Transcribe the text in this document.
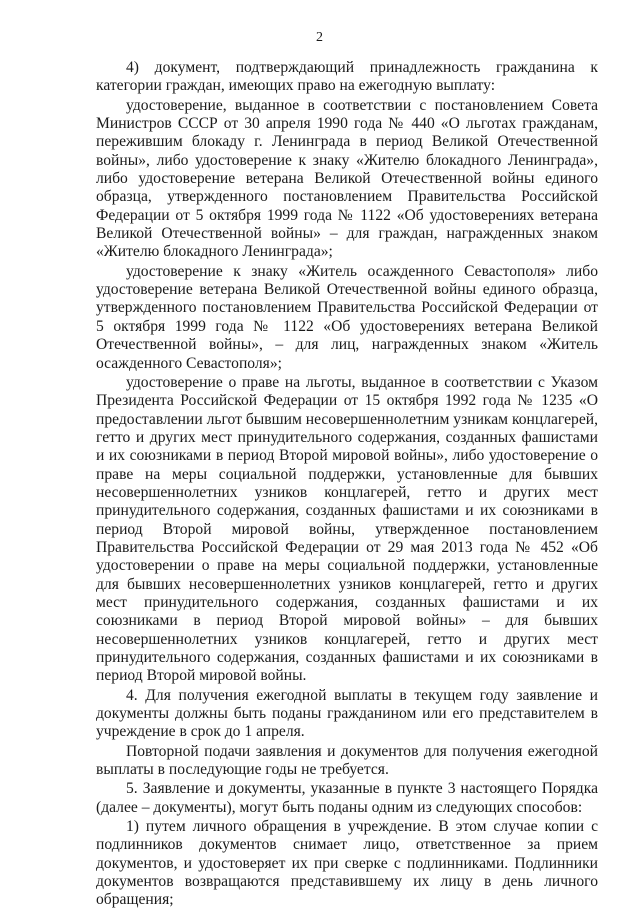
2

4) документ, подтверждающий принадлежность гражданина к категории граждан, имеющих право на ежегодную выплату:

удостоверение, выданное в соответствии с постановлением Совета Министров СССР от 30 апреля 1990 года № 440 «О льготах гражданам, пережившим блокаду г. Ленинграда в период Великой Отечественной войны», либо удостоверение к знаку «Жителю блокадного Ленинграда», либо удостоверение ветерана Великой Отечественной войны единого образца, утвержденного постановлением Правительства Российской Федерации от 5 октября 1999 года № 1122 «Об удостоверениях ветерана Великой Отечественной войны» – для граждан, награжденных знаком «Жителю блокадного Ленинграда»;

удостоверение к знаку «Житель осажденного Севастополя» либо удостоверение ветерана Великой Отечественной войны единого образца, утвержденного постановлением Правительства Российской Федерации от 5 октября 1999 года № 1122 «Об удостоверениях ветерана Великой Отечественной войны», – для лиц, награжденных знаком «Житель осажденного Севастополя»;

удостоверение о праве на льготы, выданное в соответствии с Указом Президента Российской Федерации от 15 октября 1992 года № 1235 «О предоставлении льгот бывшим несовершеннолетним узникам концлагерей, гетто и других мест принудительного содержания, созданных фашистами и их союзниками в период Второй мировой войны», либо удостоверение о праве на меры социальной поддержки, установленные для бывших несовершеннолетних узников концлагерей, гетто и других мест принудительного содержания, созданных фашистами и их союзниками в период Второй мировой войны, утвержденное постановлением Правительства Российской Федерации от 29 мая 2013 года № 452 «Об удостоверении о праве на меры социальной поддержки, установленные для бывших несовершеннолетних узников концлагерей, гетто и других мест принудительного содержания, созданных фашистами и их союзниками в период Второй мировой войны» – для бывших несовершеннолетних узников концлагерей, гетто и других мест принудительного содержания, созданных фашистами и их союзниками в период Второй мировой войны.

4. Для получения ежегодной выплаты в текущем году заявление и документы должны быть поданы гражданином или его представителем в учреждение в срок до 1 апреля.

Повторной подачи заявления и документов для получения ежегодной выплаты в последующие годы не требуется.

5. Заявление и документы, указанные в пункте 3 настоящего Порядка (далее – документы), могут быть поданы одним из следующих способов:

1) путем личного обращения в учреждение. В этом случае копии с подлинников документов снимает лицо, ответственное за прием документов, и удостоверяет их при сверке с подлинниками. Подлинники документов возвращаются представившему их лицу в день личного обращения;
